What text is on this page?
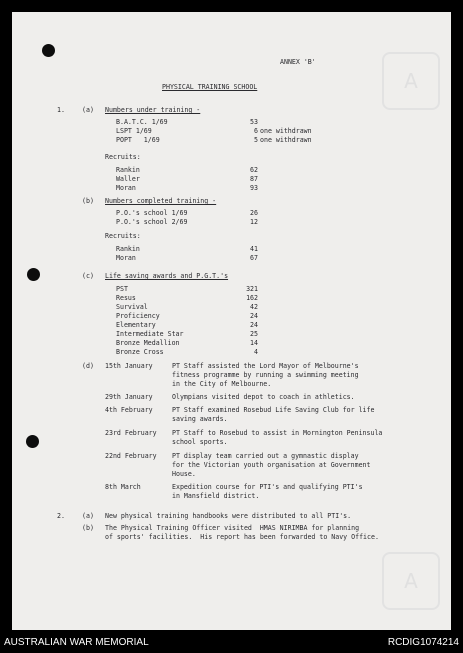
A
A
ANNEX 'B'
PHYSICAL TRAINING SCHOOL
1.	(a) Numbers under training -
B.A.T.C. 1/69	53
LSPT 1/69	6 one withdrawn
POPT   1/69	5 one withdrawn
Recruits:
Rankin	62
Waller	87
Moran	93
(b) Numbers completed training -
P.O.'s school 1/69	26
P.O.'s school 2/69	12
Recruits:
Rankin	41
Moran	67
(c) Life saving awards and P.G.T.'s
PST	321
Resus	162
Survival	42
Proficiency	24
Elementary	24
Intermediate Star	25
Bronze Medallion	14
Bronze Cross	4
(d) 15th January	PT Staff assisted the Lord Mayor of Melbourne's
fitness programme by running a swimming meeting
in the City of Melbourne.
29th January	Olympians visited depot to coach in athletics.
4th February	PT Staff examined Rosebud Life Saving Club for life
saving awards.
23rd February PT Staff to Rosebud to assist in Mornington Peninsula
school sports.
22nd February PT display team carried out a gymnastic display
for the Victorian youth organisation at Government
House.
8th March	Expedition course for PTI's and qualifying PTI's
in Mansfield district.
2.	(a) New physical training handbooks were distributed to all PTI's.
(b) The Physical Training Officer visited  HMAS NIRIMBA for planning
of sports' facilities.  His report has been forwarded to Navy Office.
AUSTRALIAN WAR MEMORIAL	RCDIG1074214
